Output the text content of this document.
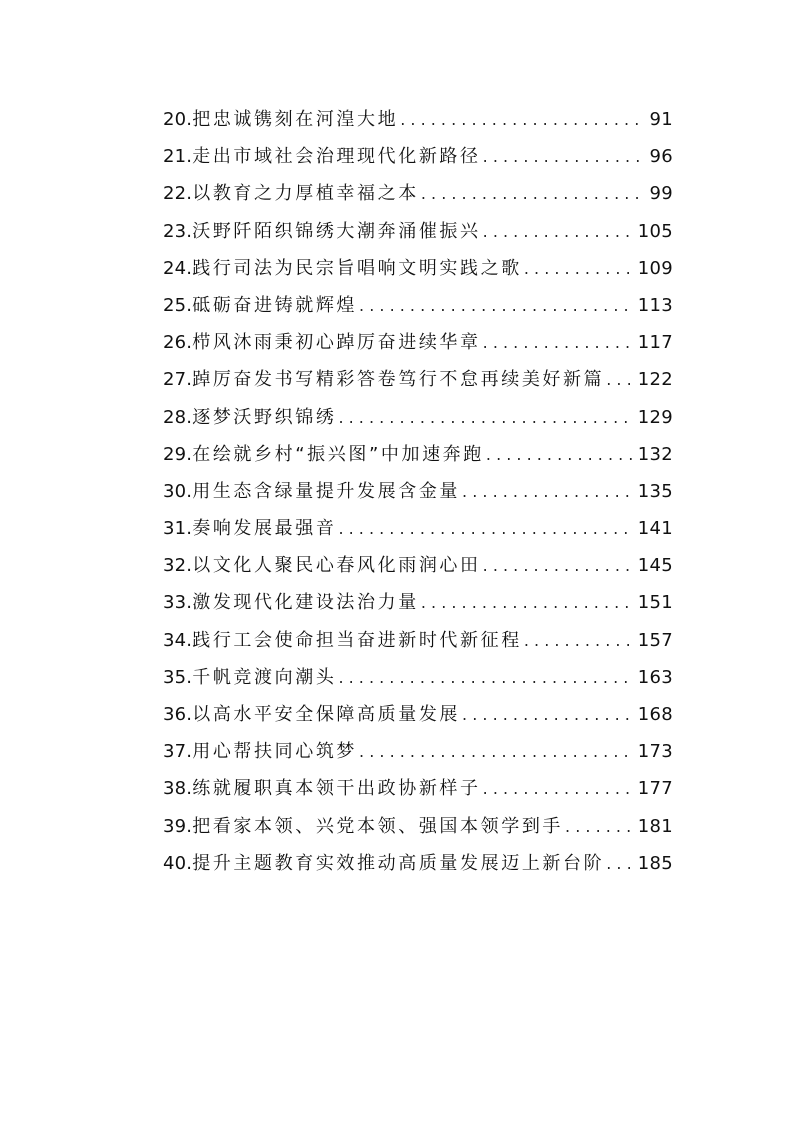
20. 把忠诚镌刻在河湟大地 . . .	91
21. 走出市域社会治理现代化新路径 . . .	96
22. 以教育之力厚植幸福之本 . . .	99
23. 沃野阡陌织锦绣大潮奔涌催振兴 . . .	105
24. 践行司法为民宗旨唱响文明实践之歌 . . .	109
25. 砥砺奋进铸就辉煌 . . .	113
26. 栉风沐雨秉初心踔厉奋进续华章 . . .	117
27. 踔厉奋发书写精彩答卷笃行不怠再续美好新篇 . . . 122
28. 逐梦沃野织锦绣 . . .	129
29. 在绘就乡村“振兴图”中加速奔跑 . . .	132
30. 用生态含绿量提升发展含金量 . . .	135
31. 奏响发展最强音 . . .	141
32. 以文化人聚民心春风化雨润心田 . . .	145
33. 激发现代化建设法治力量 . . .	151
34. 践行工会使命担当奋进新时代新征程 . . .	157
35. 千帆竞渡向潮头 . . .	163
36. 以高水平安全保障高质量发展 . . .	168
37. 用心帮扶同心筑梦 . . .	173
38. 练就履职真本领干出政协新样子 . . .	177
39. 把看家本领、兴党本领、强国本领学到手 . . .	181
40. 提升主题教育实效推动高质量发展迈上新台阶 . . . 185
